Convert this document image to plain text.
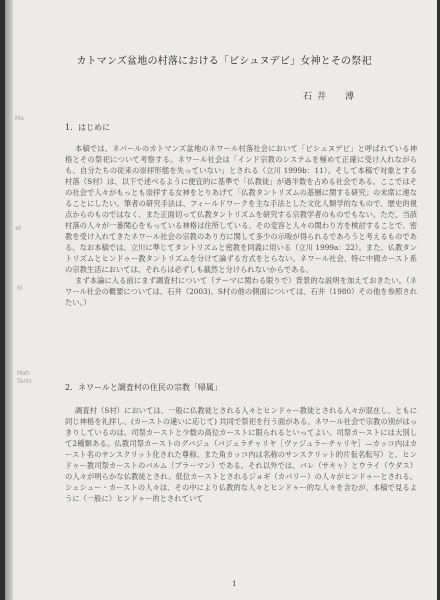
カトマンズ盆地の村落における「ビシュヌデビ」女神とその祭祀
石井　溥
Ma
at
M
Mah
Tantr
1．はじめに

本稿では、ネパールのカトマンズ盆地のネワール村落社会において「ビシュヌデビ」と呼ばれている神格とその祭祀について考察する。ネワール社会は「インド宗教のシステムを極めて正確に受け入れながらも、自分たちの従来の崇拝形態を失っていない」とされる（立川 1999b：11）。そして本稿で対象とする村落（S村）は、以下で述べるように便宜的に基準で「仏教徒」が過半数を占める社会である。ここではその社会で人々がもっとも崇拝する女神をとりあげて「仏教タントリズムの基層に関する研究」の末席に連なることにしたい。筆者の研究手法は、フィールドワークを主な手法とした文化人類学的なもので、歴史的視点からのものではなく、また正面切って仏教タントリズムを研究する宗教学者のものでもない。ただ、当該村落の人々が一番関心をもっている神格は住所している、その変容と人々の関わり方を検討することで、密教を受け入れてきたネワール社会の宗教のあり方に関して多少の示唆が得られるであろうと考えるものである。なお本稿では、立川に準じてタントリズムと密教を同義に用いる（立川 1999a：22）。また、仏教タントリズムとヒンドゥー教タントリズムを分けて論ずる方式をとらない。ネワール社会、特に中間カースト系の宗教生活においては、それらは必ずしも截然と分けられないからである。

まず本論に入る前にまず調査村について（テーマに関わる限りで）背景的な説明を加えておきたい。（ネワール社会の概要については、石井（2003)、S村の他の側面については、石井（1980）その他を参照されたい。）

2．ネワールと調査村の住民の宗教「帰属」

調査村（S村）においては、一般に仏教徒とされる人々とヒンドゥー教徒とされる人々が混在し、ともに同じ神格を礼拝し、(カーストの違いに応じて) 共同で祭祀を行う面がある。ネワール社会で宗教の別がはっきりしているのは、司祭カーストと少数の高位カーストに限られるといってよい。司祭カーストには大別して2種類ある。仏教司祭カーストのグバジュ（バジュラチャリヤ［ヴァジュラーチャリヤ］—カッコ内はカースト名のサンスクリット化された尊称、また角カッコ内は名称のサンスクリット的片仮名転写）と、ヒンドゥー教司祭カーストのバルム（ブラーマン）である。それ以外では、バレ（サキャ）とウライ（ウダス）の人々が明らかな仏教徒とされ、低位カーストとされるジョギ（カパリー）の人々がヒンドゥーとされる。シェシュー・カーストの人々は、その中により仏教的な人々とヒンドゥー的な人々を含むが、本稿で見るように（一般に）ヒンドゥー的とされていて

1
